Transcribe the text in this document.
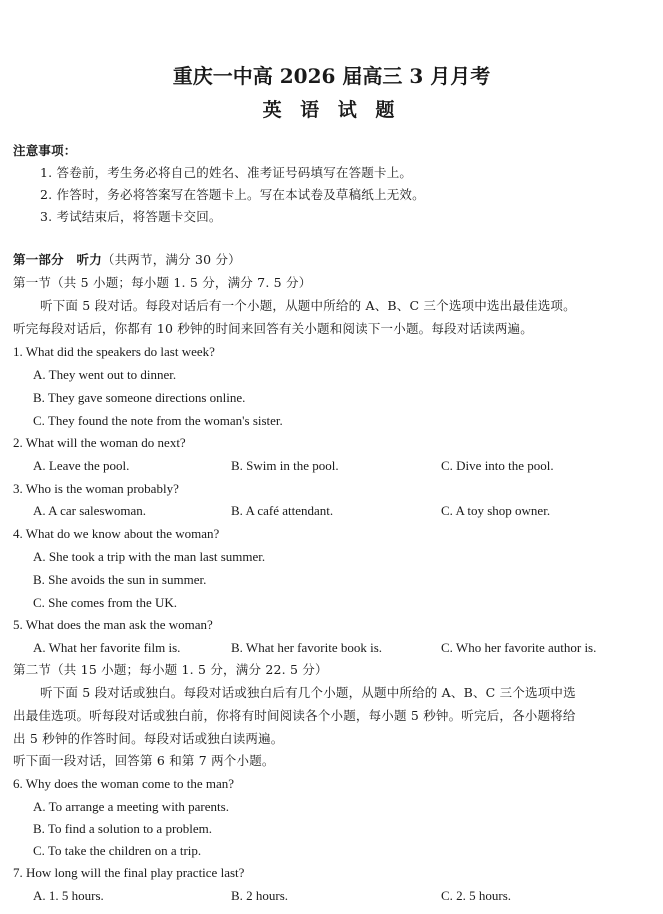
重庆一中高 2026 届高三 3 月月考
英 语 试 题
注意事项：
1. 答卷前，考生务必将自己的姓名、准考证号码填写在答题卡上。
2. 作答时，务必将答案写在答题卡上。写在本试卷及草稿纸上无效。
3. 考试结束后，将答题卡交回。
第一部分　听力（共两节，满分 30 分）
第一节（共 5 小题；每小题 1. 5 分，满分 7. 5 分）
听下面 5 段对话。每段对话后有一个小题，从题中所给的 A、B、C 三个选项中选出最佳选项。
听完每段对话后，你都有 10 秒钟的时间来回答有关小题和阅读下一小题。每段对话读两遍。
1. What did the speakers do last week?
A. They went out to dinner.
B. They gave someone directions online.
C. They found the note from the woman's sister.
2. What will the woman do next?
A. Leave the pool.	B. Swim in the pool.	C. Dive into the pool.
3. Who is the woman probably?
A. A car saleswoman.	B. A café attendant.	C. A toy shop owner.
4. What do we know about the woman?
A. She took a trip with the man last summer.
B. She avoids the sun in summer.
C. She comes from the UK.
5. What does the man ask the woman?
A. What her favorite film is.	B. What her favorite book is.	C. Who her favorite author is.
第二节（共 15 小题；每小题 1. 5 分，满分 22. 5 分）
听下面 5 段对话或独白。每段对话或独白后有几个小题，从题中所给的 A、B、C 三个选项中选
出最佳选项。听每段对话或独白前，你将有时间阅读各个小题，每小题 5 秒钟。听完后，各小题将给
出 5 秒钟的作答时间。每段对话或独白读两遍。
听下面一段对话，回答第 6 和第 7 两个小题。
6. Why does the woman come to the man?
A. To arrange a meeting with parents.
B. To find a solution to a problem.
C. To take the children on a trip.
7. How long will the final play practice last?
A. 1. 5 hours.	B. 2 hours.	C. 2. 5 hours.
